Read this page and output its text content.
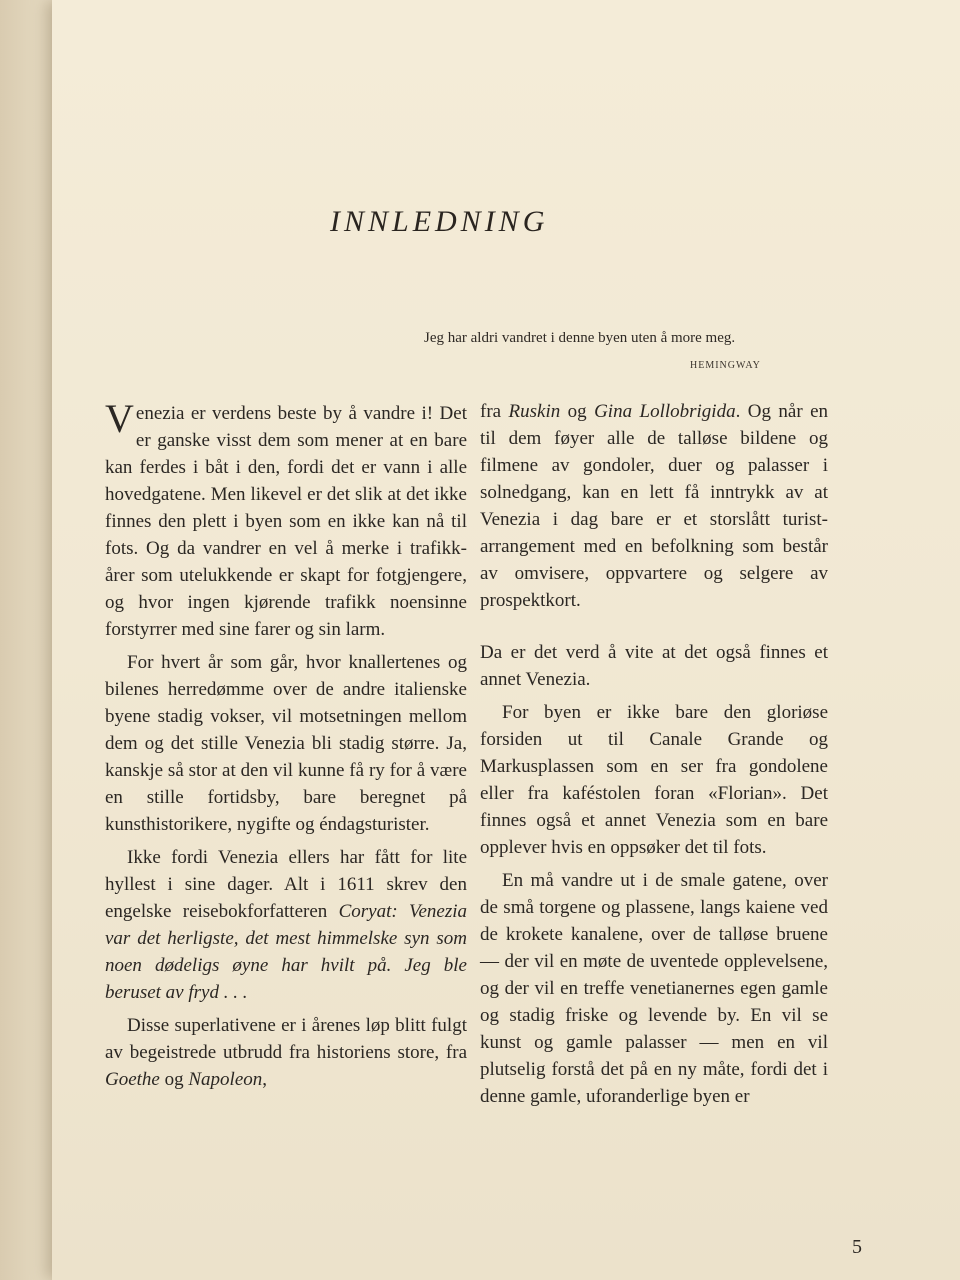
INNLEDNING
Jeg har aldri vandret i denne byen uten å more meg.
HEMINGWAY

Venezia er verdens beste by å vandre i! Det er ganske visst dem som mener at en bare kan ferdes i båt i den, fordi det er vann i alle hovedgatene. Men likevel er det slik at det ikke finnes den plett i byen som en ikke kan nå til fots. Og da vandrer en vel å merke i trafikk-årer som utelukkende er skapt for fotgjengere, og hvor ingen kjørende trafikk noensinne forstyrrer med sine farer og sin larm.

For hvert år som går, hvor knallertenes og bilenes herredømme over de andre italienske byene stadig vokser, vil motsetningen mellom dem og det stille Venezia bli stadig større. Ja, kanskje så stor at den vil kunne få ry for å være en stille fortidsby, bare beregnet på kunsthistorikere, nygifte og éndagsturister.

Ikke fordi Venezia ellers har fått for lite hyllest i sine dager. Alt i 1611 skrev den engelske reisebokforfatteren Coryat: Venezia var det herligste, det mest himmelske syn som noen dødeligs øyne har hvilt på. Jeg ble beruset av fryd . . .

Disse superlativene er i årenes løp blitt fulgt av begeistrede utbrudd fra historiens store, fra Goethe og Napoleon,

fra Ruskin og Gina Lollobrigida. Og når en til dem føyer alle de talløse bildene og filmene av gondoler, duer og palasser i solnedgang, kan en lett få inntrykk av at Venezia i dag bare er et storslått turist-arrangement med en befolkning som består av omvisere, oppvartere og selgere av prospektkort.

Da er det verd å vite at det også finnes et annet Venezia.

For byen er ikke bare den gloriøse forsiden ut til Canale Grande og Markusplassen som en ser fra gondolene eller fra kaféstolen foran «Florian». Det finnes også et annet Venezia som en bare opplever hvis en oppsøker det til fots.

En må vandre ut i de smale gatene, over de små torgene og plassene, langs kaiene ved de krokete kanalene, over de talløse bruene — der vil en møte de uventede opplevelsene, og der vil en treffe venetianernes egen gamle og stadig friske og levende by. En vil se kunst og gamle palasser — men en vil plutselig forstå det på en ny måte, fordi det i denne gamle, uforanderlige byen er

5
